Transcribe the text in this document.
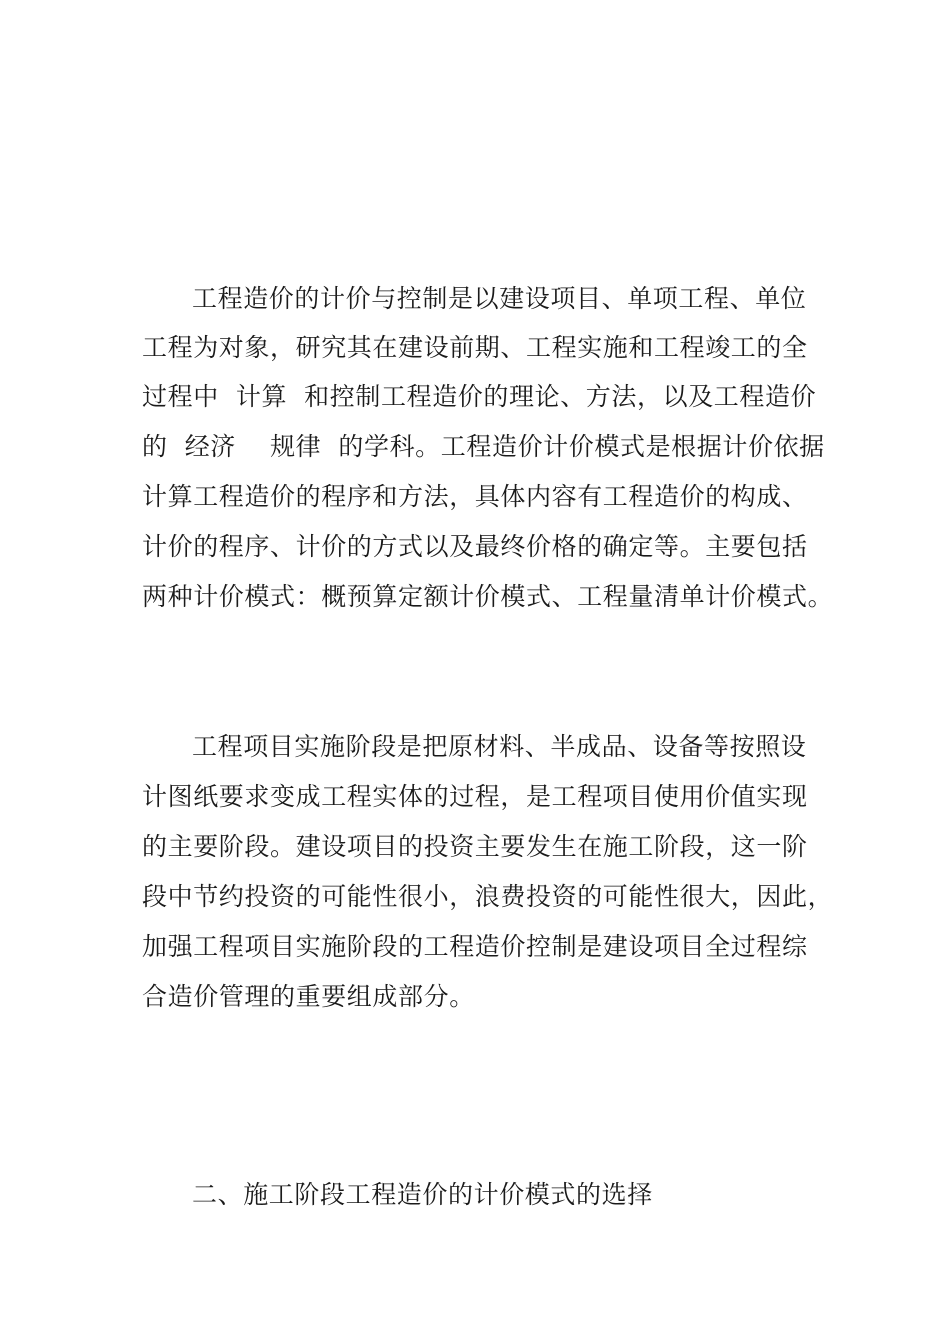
工程造价的计价与控制是以建设项目、单项工程、单位
工程为对象，研究其在建设前期、工程实施和工程竣工的全
过程中  计算  和控制工程造价的理论、方法，以及工程造价
的  经济    规律  的学科。工程造价计价模式是根据计价依据
计算工程造价的程序和方法，具体内容有工程造价的构成、
计价的程序、计价的方式以及最终价格的确定等。主要包括
两种计价模式：概预算定额计价模式、工程量清单计价模式。
工程项目实施阶段是把原材料、半成品、设备等按照设
计图纸要求变成工程实体的过程，是工程项目使用价值实现
的主要阶段。建设项目的投资主要发生在施工阶段，这一阶
段中节约投资的可能性很小，浪费投资的可能性很大，因此，
加强工程项目实施阶段的工程造价控制是建设项目全过程综
合造价管理的重要组成部分。
二、施工阶段工程造价的计价模式的选择
